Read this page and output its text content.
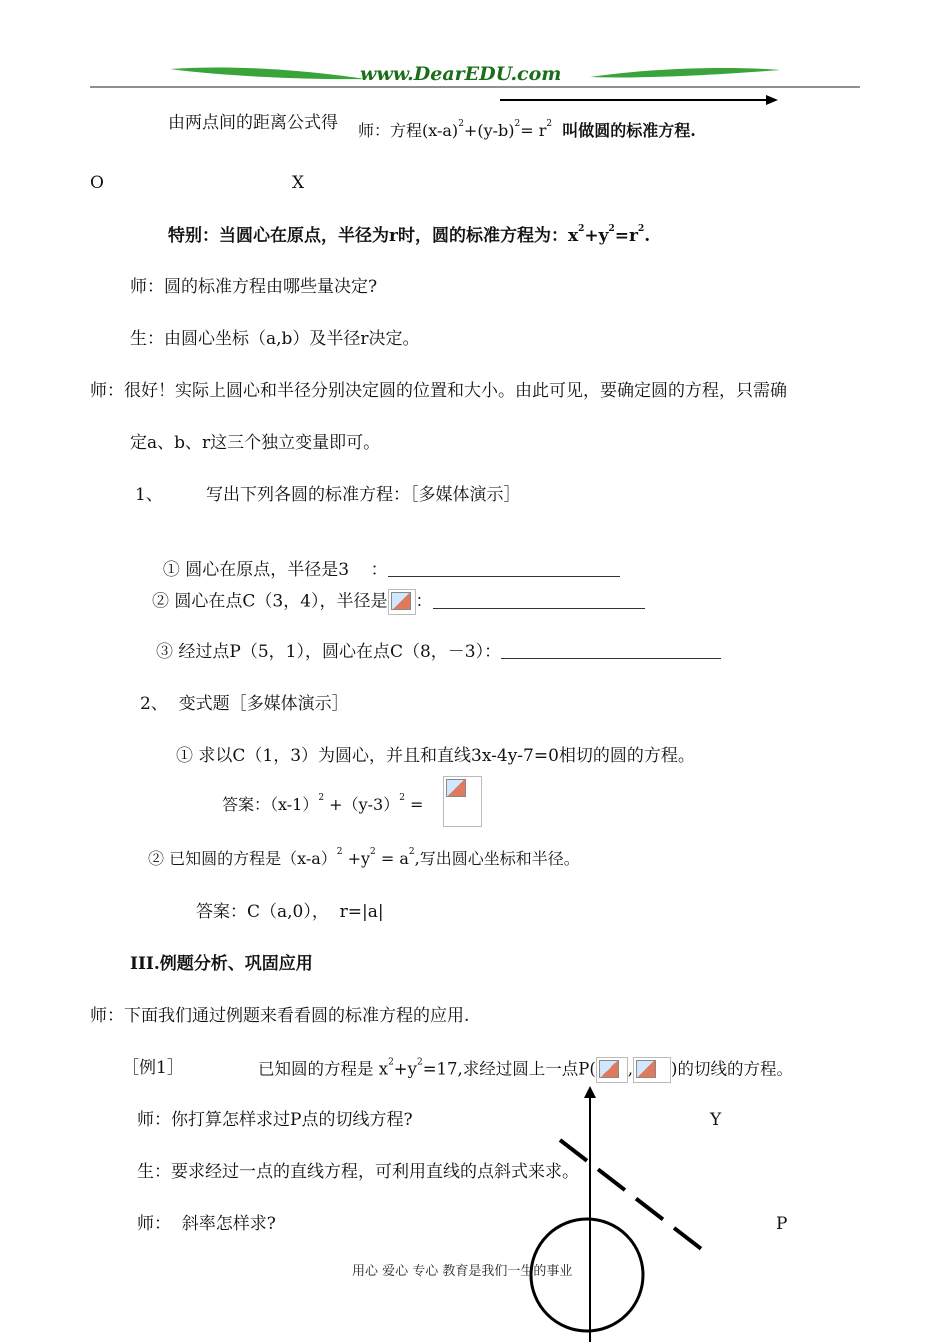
www.DearEDU.com
由两点间的距离公式得 师：方程$(x-a)^2+(y-b)^2= r^2$ 叫做圆的标准方程.
O	X
特别：当圆心在原点，半径为r时，圆的标准方程为：$x^2+y^2=r^2$.
师：圆的标准方程由哪些量决定?
生：由圆心坐标（a,b）及半径r决定。
师：很好！实际上圆心和半径分别决定圆的位置和大小。由此可见，要确定圆的方程，只需确
定a、b、r这三个独立变量即可。
1、        写出下列各圆的标准方程：［多媒体演示］

① 圆心在原点，半径是3    ：

② 圆心在点C（3，4），半径是 ：
③ 经过点P（5，1），圆心在点C（8，－3）：
2、  变式题［多媒体演示］
① 求以C（1，3）为圆心，并且和直线3x-4y-7=0相切的圆的方程。
答案：$(x-1)^2 +(y-3)^2$ =
② 已知圆的方程是$(x-a)^2 +y^2 = a^2$,写出圆心坐标和半径。
答案：C（a,0），  r=|a|
III.例题分析、巩固应用
师：下面我们通过例题来看看圆的标准方程的应用.
［例1］	已知圆的方程是 $x^2+y^2=17$,求经过圆上一点P( , )的切线的方程。
师：你打算怎样求过P点的切线方程?	Y
生：要求经过一点的直线方程，可利用直线的点斜式来求。
师：  斜率怎样求?	P
用心 爱心 专心 教育是我们一生的事业
